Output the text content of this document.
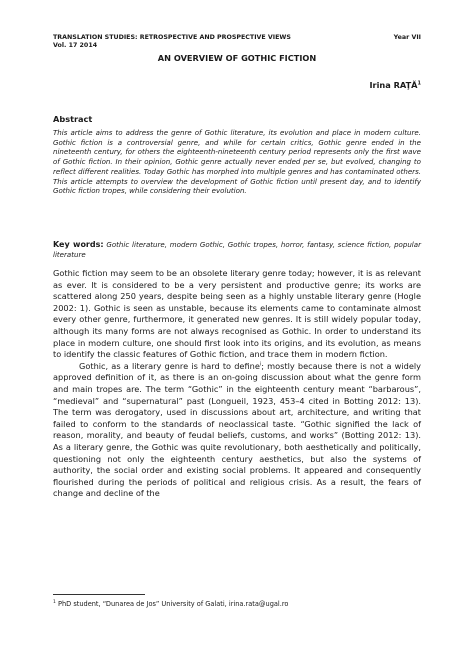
TRANSLATION STUDIES: RETROSPECTIVE AND PROSPECTIVE VIEWS	Year VII
Vol. 17 2014
AN OVERVIEW OF GOTHIC FICTION
Irina RAŢĂ$^1$
Abstract
This article aims to address the genre of Gothic literature, its evolution and place in modern culture. Gothic fiction is a controversial genre, and while for certain critics, Gothic genre ended in the nineteenth century, for others the eighteenth-nineteenth century period represents only the first wave of Gothic fiction. In their opinion, Gothic genre actually never ended per se, but evolved, changing to reflect different realities. Today Gothic has morphed into multiple genres and has contaminated others. This article attempts to overview the development of Gothic fiction until present day, and to identify Gothic fiction tropes, while considering their evolution.
Key words: Gothic literature, modern Gothic, Gothic tropes, horror, fantasy, science fiction, popular literature

Gothic fiction may seem to be an obsolete literary genre today; however, it is as relevant as ever. It is considered to be a very persistent and productive genre; its works are scattered along 250 years, despite being seen as a highly unstable literary genre (Hogle 2002: 1). Gothic is seen as unstable, because its elements came to contaminate almost every other genre, furthermore, it generated new genres. It is still widely popular today, although its many forms are not always recognised as Gothic. In order to understand its place in modern culture, one should first look into its origins, and its evolution, as means to identify the classic features of Gothic fiction, and trace them in modern fiction.

Gothic, as a literary genre is hard to define$^i$; mostly because there is not a widely approved definition of it, as there is an on-going discussion about what the genre form and main tropes are. The term “Gothic” in the eighteenth century meant “barbarous”, “medieval” and “supernatural” past (Longueil, 1923, 453–4 cited in Botting 2012: 13). The term was derogatory, used in discussions about art, architecture, and writing that failed to conform to the standards of neoclassical taste. “Gothic signified the lack of reason, morality, and beauty of feudal beliefs, customs, and works” (Botting 2012: 13). As a literary genre, the Gothic was quite revolutionary, both aesthetically and politically, questioning not only the eighteenth century aesthetics, but also the systems of authority, the social order and existing social problems. It appeared and consequently flourished during the periods of political and religious crisis. As a result, the fears of change and decline of the

$^1$ PhD student, “Dunarea de Jos” University of Galati, irina.rata@ugal.ro
